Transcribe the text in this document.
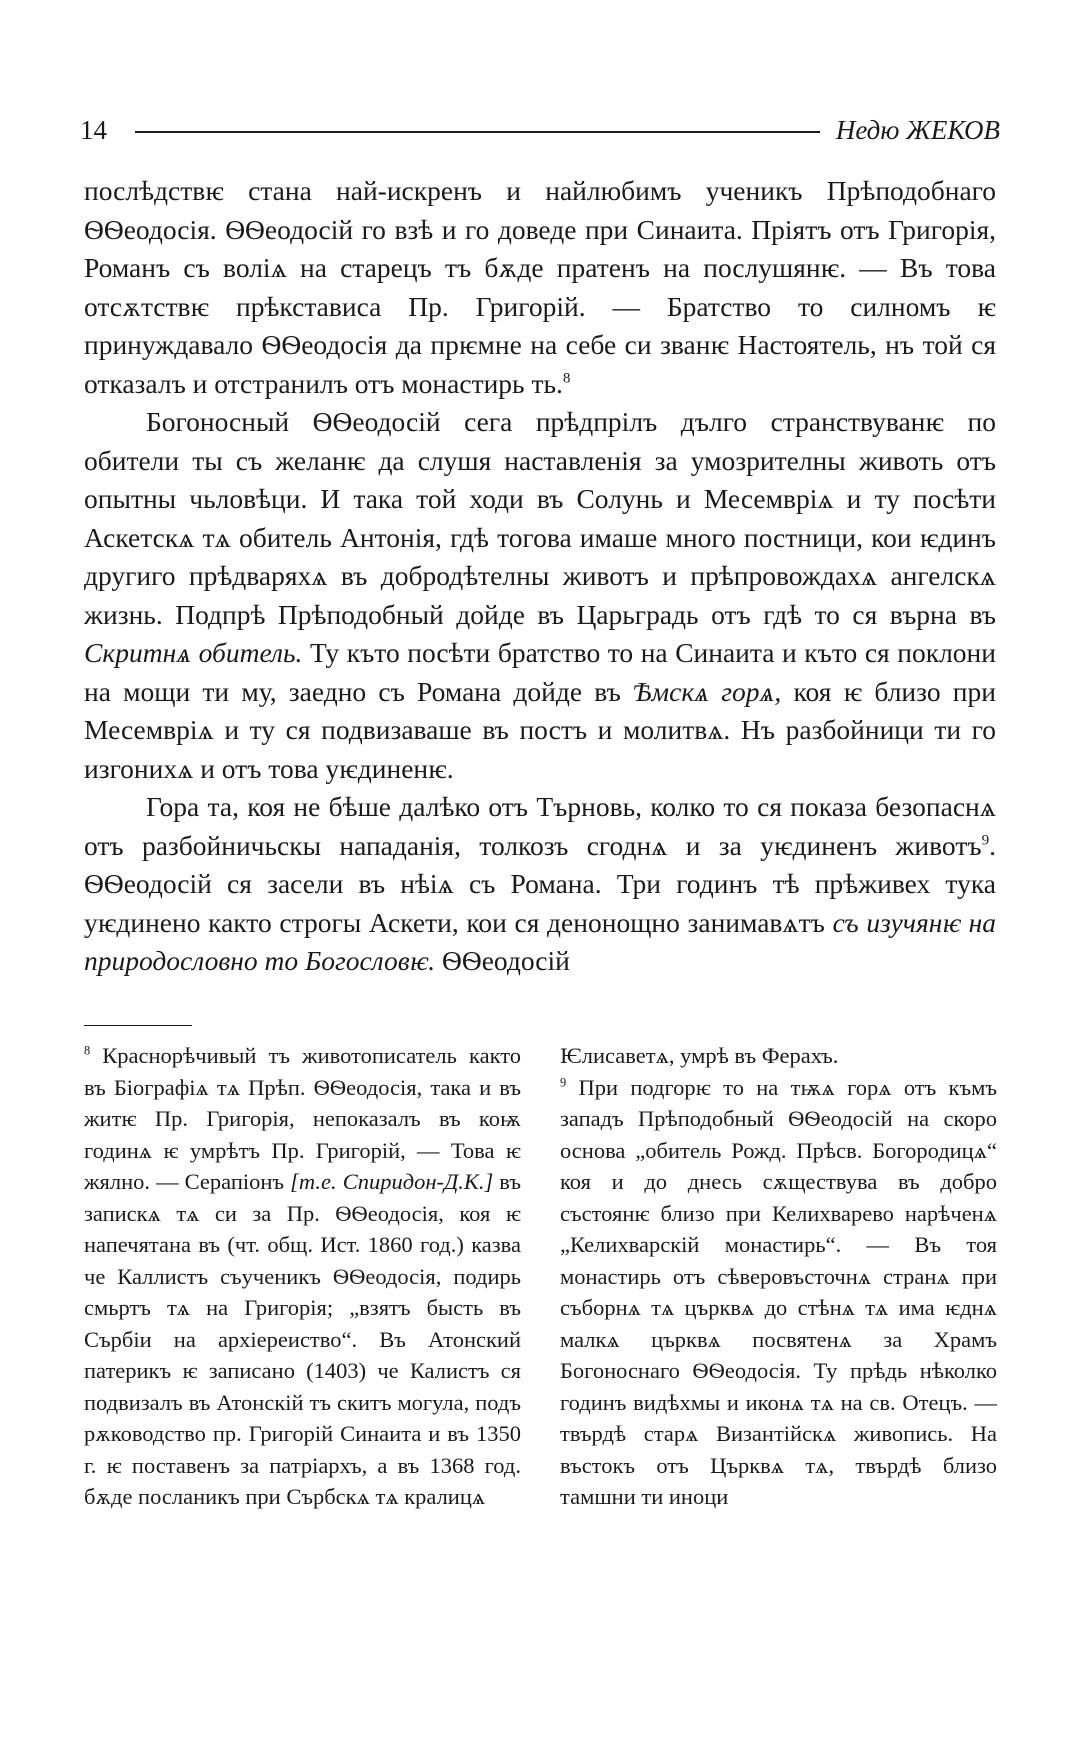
14	Недю ЖЕКОВ

послѣдствѥ стана най-искренъ и найлюбимъ ученикъ Прѣподобнаго ѲѲеодосія. ѲѲеодосій го взѣ и го доведе при Синаита. Пріятъ отъ Григорія, Романъ съ воліѧ на старецъ тъ бѫде пратенъ на послушянѥ. — Въ това отсѫтствѥ прѣкстависа Пр. Григорій. — Братство то силномъ ѥ принуждавало ѲѲеодосія да прѥмне на себе си званѥ Настоятель, нъ той ся отказалъ и отстранилъ отъ монастирь ть.$^8$

Богоносный ѲѲеодосій сега прѣдпрілъ дълго странствуванѥ по обители ты съ желанѥ да слушя наставленія за умозрителны животь отъ опытны чьловѣци. И така той ходи въ Солунь и Месемвріѧ и ту посѣти Аскетскѧ тѧ обитель Антонія, гдѣ тогова имаше много постници, кои ѥдинъ другиго прѣдваряхѧ въ добродѣтелны животъ и прѣпровождахѧ ангелскѧ жизнь. Подпрѣ Прѣподобный дойде въ Царьградь отъ гдѣ то ся върна въ Скритнѧ обитель. Ту къто посѣти братство то на Синаита и къто ся поклони на мощи ти му, заедно съ Романа дойде въ Ѣмскѧ горѧ, коя ѥ близо при Месемвріѧ и ту ся подвизаваше въ постъ и молитвѧ. Нъ разбойници ти го изгонихѧ и отъ това уѥдиненѥ.

Гора та, коя не бѣше далѣко отъ Търновь, колко то ся показа безопаснѧ отъ разбойничьскы нападанія, толкозъ сгоднѧ и за уѥдиненъ животъ$^9$. ѲѲеодосій ся засели въ нѣіѧ съ Романа. Три годинъ тѣ прѣживех тука уѥдинено както строгы Аскети, кои ся денонощно занимавѧтъ съ изучянѥ на природословно то Богословѥ. ѲѲеодосій

$^8$ Краснорѣчивый тъ животописатель както въ Біографіѧ тѧ Прѣп. ѲѲеодосія, така и въ житѥ Пр. Григорія, непоказалъ въ коѭ годинѧ ѥ умрѣтъ Пр. Григорій, — Това ѥ жялно. — Серапіонъ [т.е. Спиридон-Д.К.] въ запискѧ тѧ си за Пр. ѲѲеодосія, коя ѥ напечятана въ (чт. общ. Ист. 1860 год.) казва че Каллистъ съученикъ ѲѲеодосія, подирь смьртъ тѧ на Григорія; „взятъ бысть въ Сърбіи на архіереиство“. Въ Атонский патерикъ ѥ записано (1403) че Калистъ ся подвизалъ въ Атонскій тъ скитъ могула, подъ рѫководство пр. Григорій Синаита и въ 1350 г. ѥ поставенъ за патріархъ, а въ 1368 год. бѫде посланикъ при Сърбскѧ тѧ кралицѧ

Ѥлисаветѧ, умрѣ въ Ферахъ.
$^9$ При подгорѥ то на тѭѧ горѧ отъ къмъ западъ Прѣподобный ѲѲеодосій на скоро основа „обитель Рожд. Прѣсв. Богородицѧ“ коя и до днесь сѫществува въ добро състоянѥ близо при Келихварево нарѣченѧ „Келихварскій монастирь“. — Въ тоя монастирь отъ сѣверовъсточнѧ странѧ при съборнѧ тѧ църквѧ до стѣнѧ тѧ има ѥднѧ малкѧ църквѧ посвятенѧ за Храмъ Богоноснаго ѲѲеодосія. Ту прѣдь нѣколко годинъ видѣхмы и иконѧ тѧ на св. Отецъ. — твърдѣ старѧ Византійскѧ живопись. На въстокъ отъ Църквѧ тѧ, твърдѣ близо тамшни ти иноци
